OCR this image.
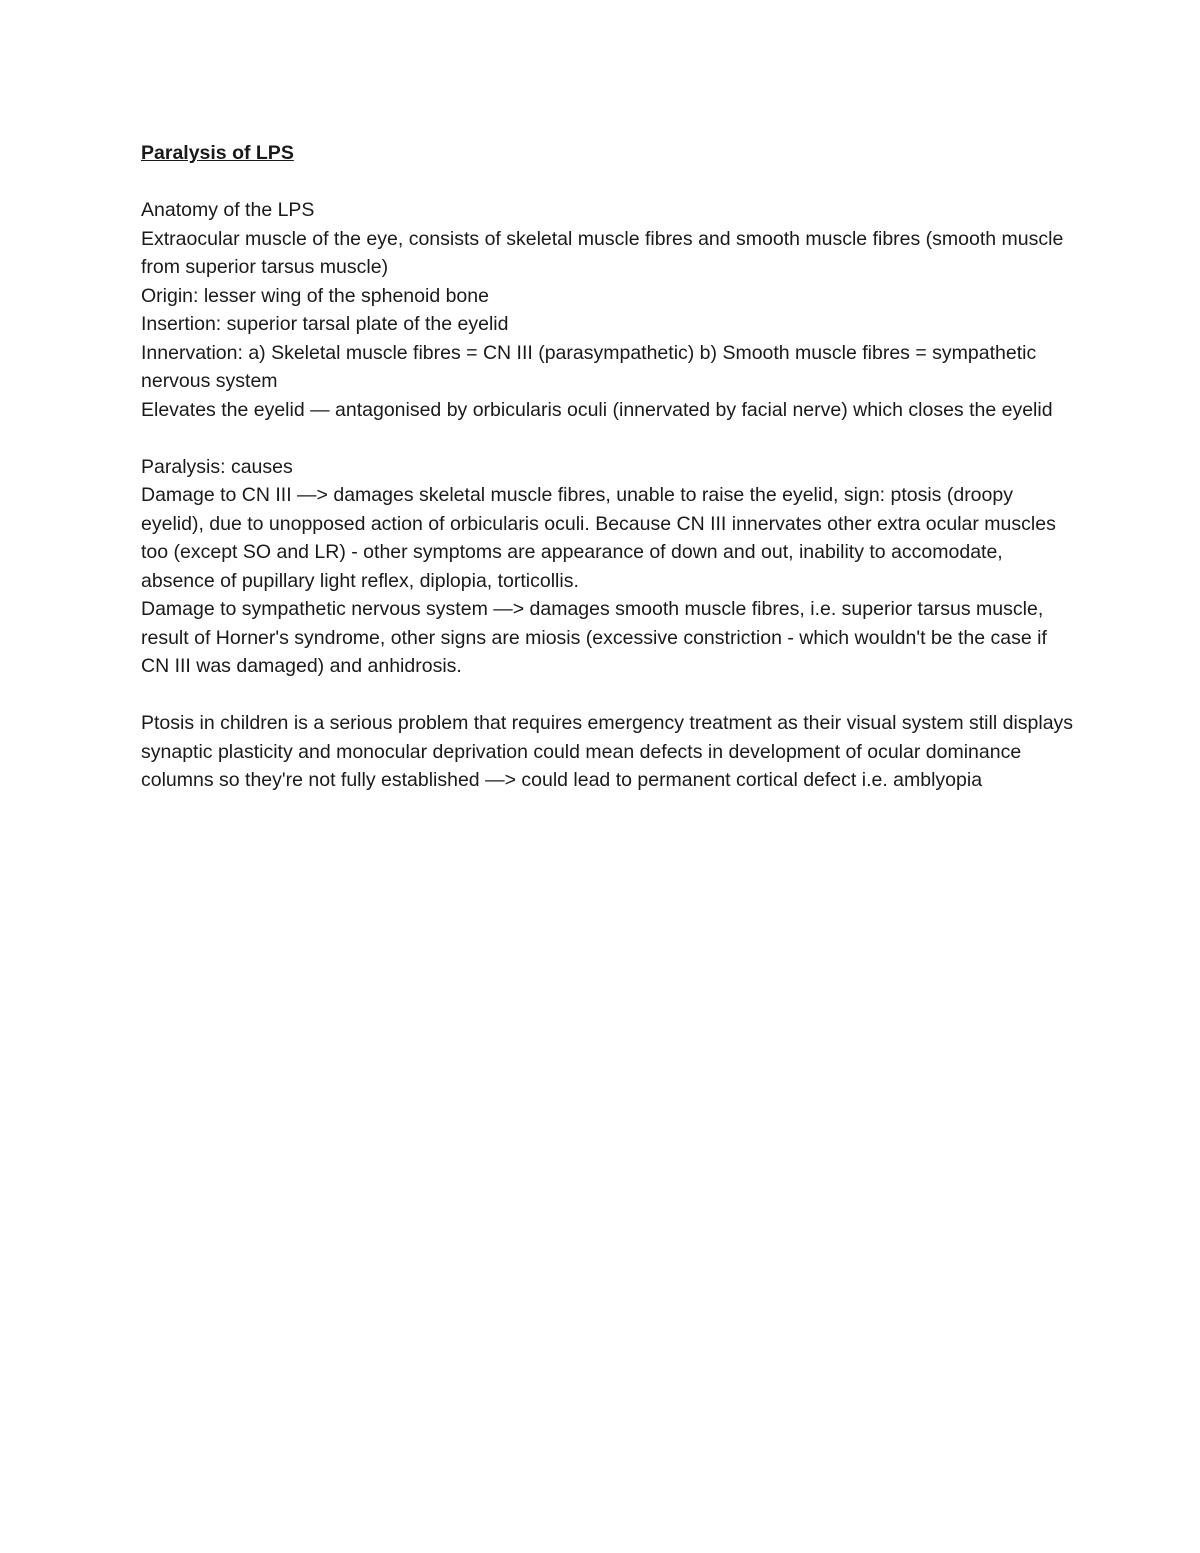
Paralysis of LPS

Anatomy of the LPS

Extraocular muscle of the eye, consists of skeletal muscle fibres and smooth muscle fibres (smooth muscle from superior tarsus muscle)

Origin: lesser wing of the sphenoid bone

Insertion: superior tarsal plate of the eyelid

Innervation: a) Skeletal muscle fibres = CN III (parasympathetic) b) Smooth muscle fibres = sympathetic nervous system

Elevates the eyelid — antagonised by orbicularis oculi (innervated by facial nerve) which closes the eyelid

Paralysis: causes

Damage to CN III —> damages skeletal muscle fibres, unable to raise the eyelid, sign: ptosis (droopy eyelid), due to unopposed action of orbicularis oculi. Because CN III innervates other extra ocular muscles too (except SO and LR) - other symptoms are appearance of down and out, inability to accomodate, absence of pupillary light reflex, diplopia, torticollis.

Damage to sympathetic nervous system —> damages smooth muscle fibres, i.e. superior tarsus muscle, result of Horner's syndrome, other signs are miosis (excessive constriction - which wouldn't be the case if CN III was damaged) and anhidrosis.

Ptosis in children is a serious problem that requires emergency treatment as their visual system still displays synaptic plasticity and monocular deprivation could mean defects in development of ocular dominance columns so they're not fully established —> could lead to permanent cortical defect i.e. amblyopia
